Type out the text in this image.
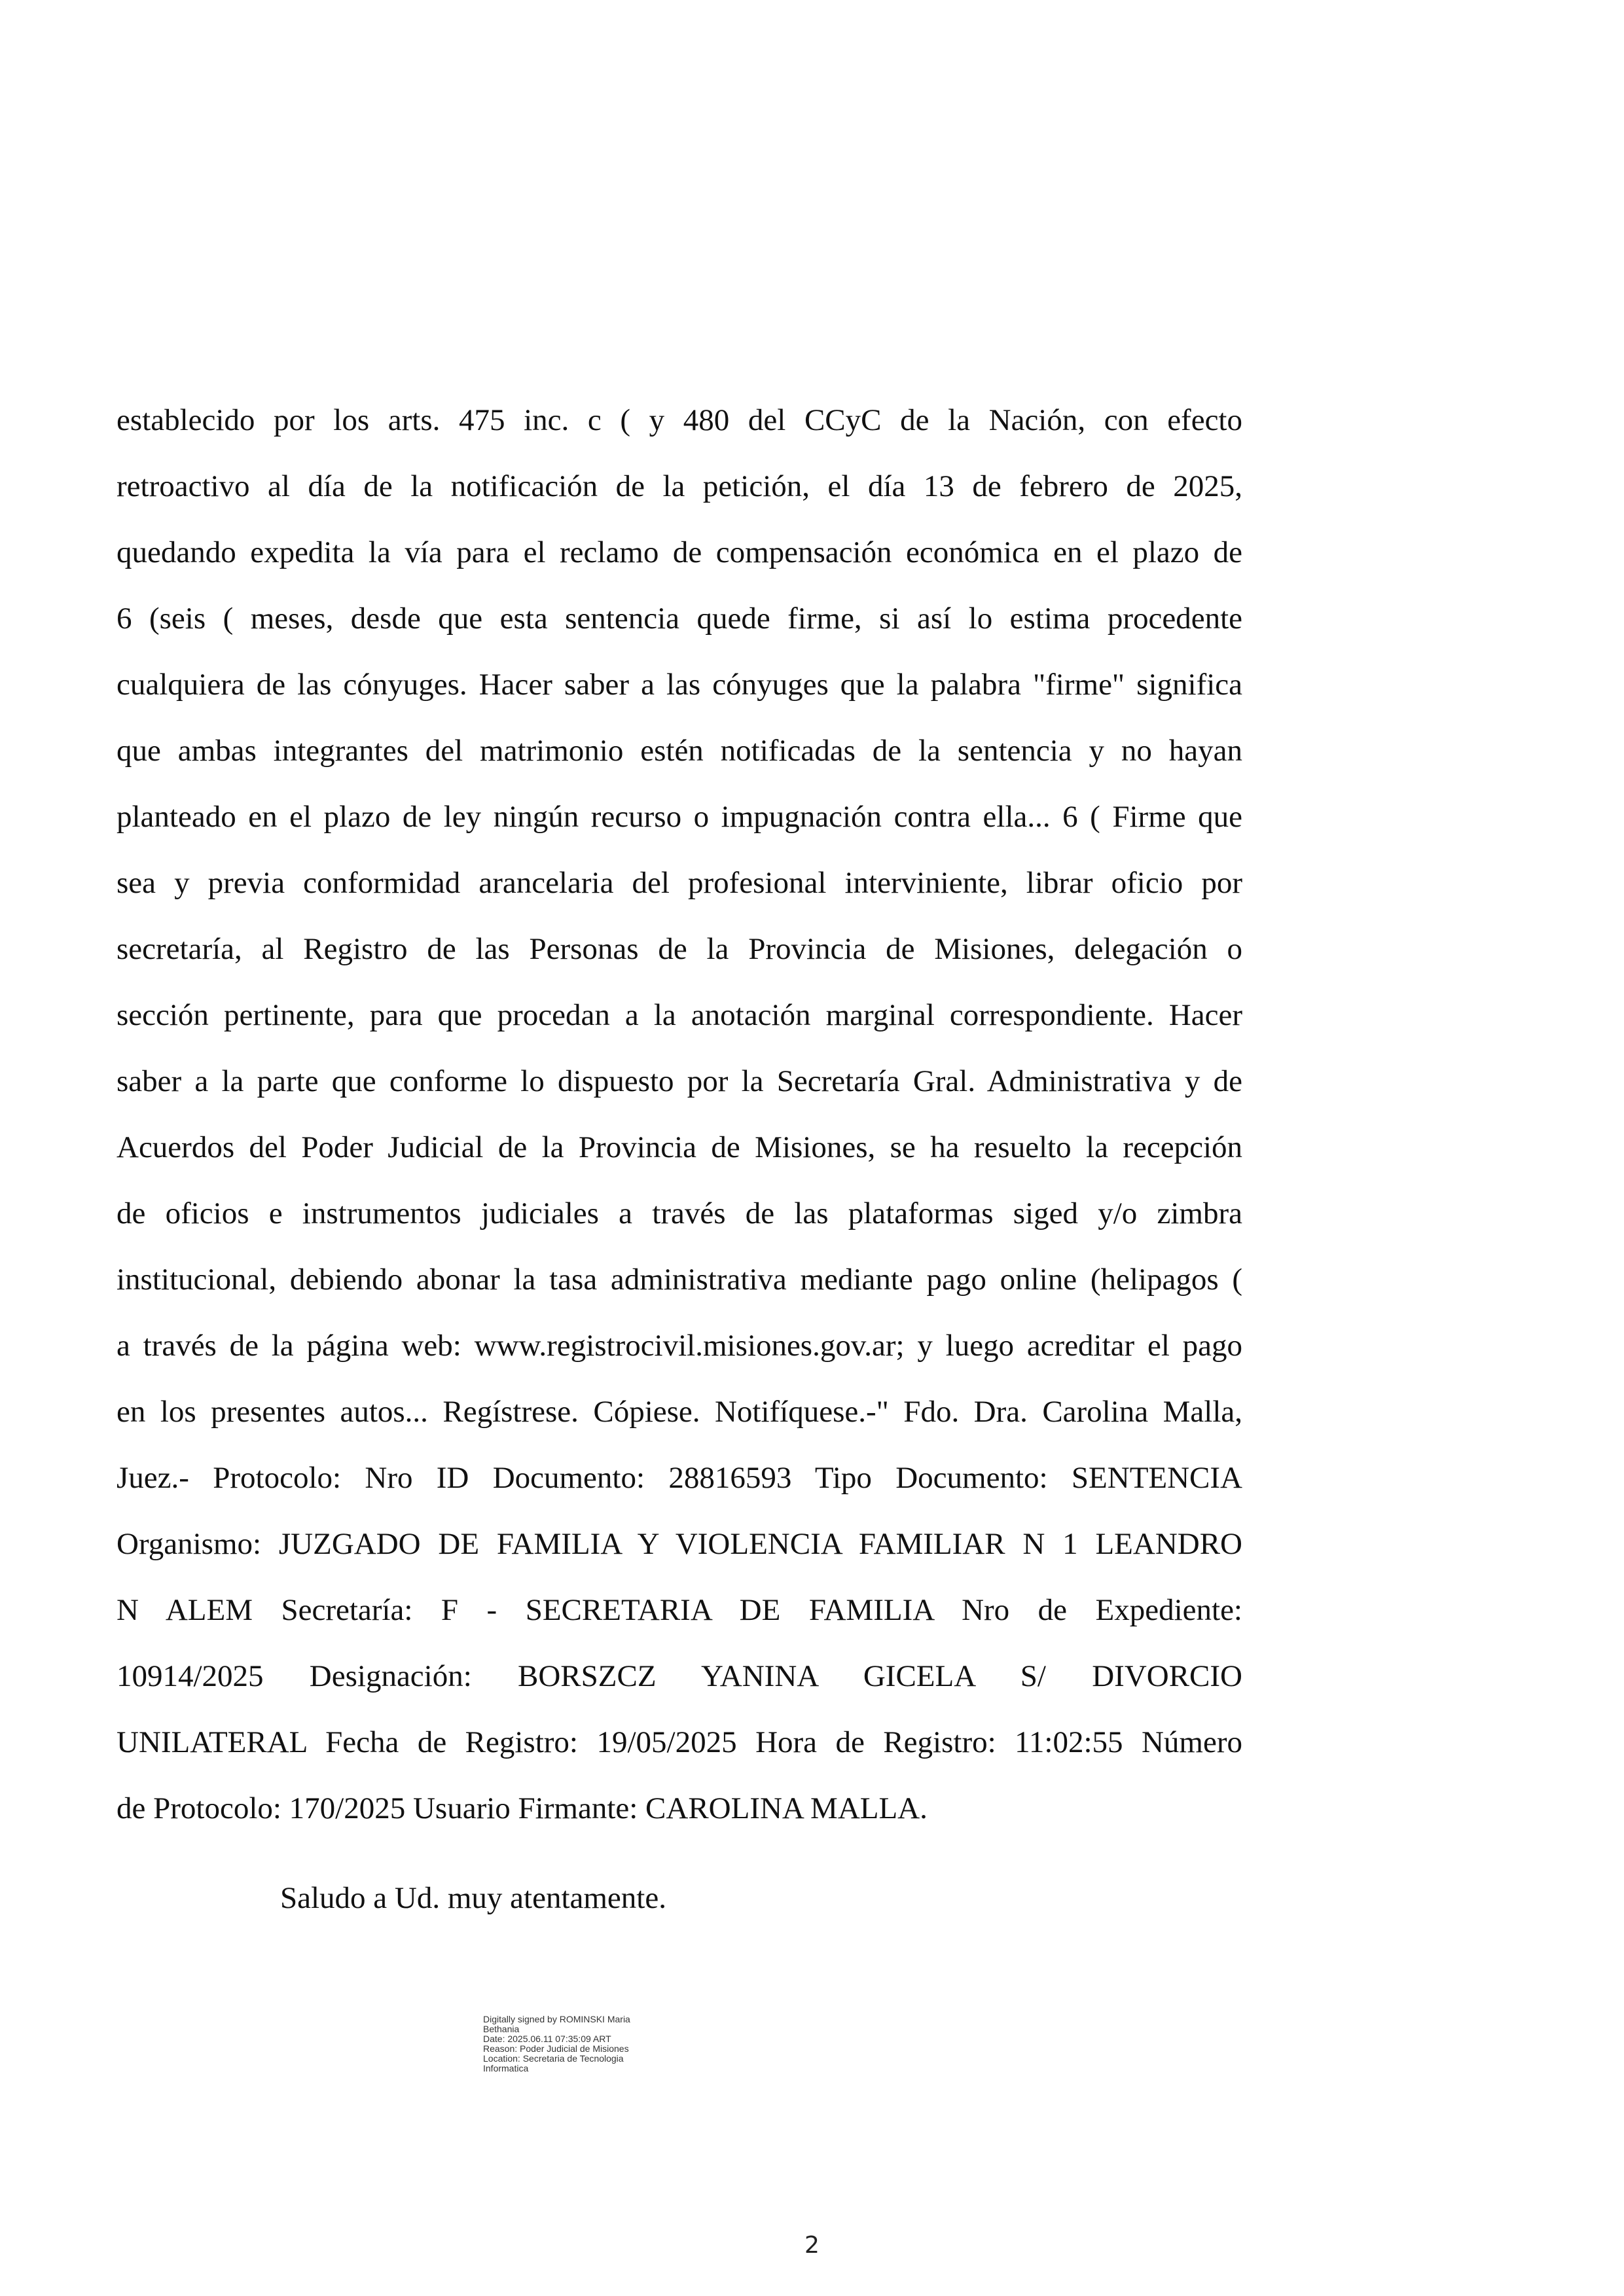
establecido por los arts. 475 inc. c ( y 480 del CCyC de la Nación, con efecto
retroactivo al día de la notificación de la petición, el día 13 de febrero de 2025,
quedando expedita la vía para el reclamo de compensación económica en el plazo de
6 (seis ( meses, desde que esta sentencia quede firme, si así lo estima procedente
cualquiera de las cónyuges. Hacer saber a las cónyuges que la palabra "firme" significa
que ambas integrantes del matrimonio estén notificadas de la sentencia y no hayan
planteado en el plazo de ley ningún recurso o impugnación contra ella... 6 ( Firme que
sea y previa conformidad arancelaria del profesional interviniente, librar oficio por
secretaría, al Registro de las Personas de la Provincia de Misiones, delegación o
sección pertinente, para que procedan a la anotación marginal correspondiente. Hacer
saber a la parte que conforme lo dispuesto por la Secretaría Gral. Administrativa y de
Acuerdos del Poder Judicial de la Provincia de Misiones, se ha resuelto la recepción
de oficios e instrumentos judiciales a través de las plataformas siged y/o zimbra
institucional, debiendo abonar la tasa administrativa mediante pago online (helipagos (
a través de la página web: www.registrocivil.misiones.gov.ar; y luego acreditar el pago
en los presentes autos... Regístrese. Cópiese. Notifíquese.-" Fdo. Dra. Carolina Malla,
Juez.- Protocolo: Nro ID Documento: 28816593 Tipo Documento: SENTENCIA
Organismo: JUZGADO DE FAMILIA Y VIOLENCIA FAMILIAR N 1 LEANDRO
N ALEM Secretaría: F - SECRETARIA DE FAMILIA Nro de Expediente:
10914/2025 Designación: BORSZCZ YANINA GICELA S/ DIVORCIO
UNILATERAL Fecha de Registro: 19/05/2025 Hora de Registro: 11:02:55 Número
de Protocolo: 170/2025 Usuario Firmante: CAROLINA MALLA.
Saludo a Ud. muy atentamente.
Digitally signed by ROMINSKI Maria
Bethania
Date: 2025.06.11 07:35:09 ART
Reason: Poder Judicial de Misiones
Location: Secretaria de Tecnologia
Informatica
2
